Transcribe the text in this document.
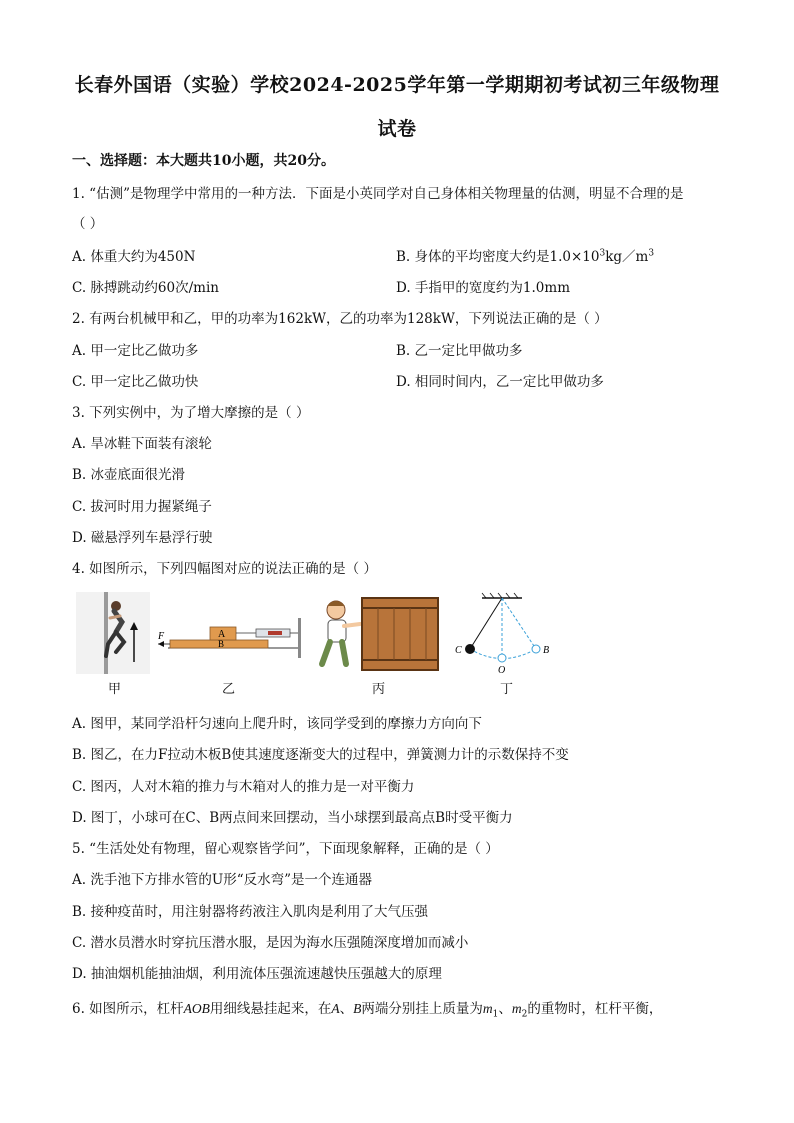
长春外国语（实验）学校2024-2025学年第一学期期初考试初三年级物理
试卷

一、选择题：本大题共10小题，共20分。

1. “估测”是物理学中常用的一种方法．下面是小英同学对自己身体相关物理量的估测，明显不合理的是

（ ）

A. 体重大约为450N	B. 身体的平均密度大约是$1.0\times 10^3kg/m^3$

C. 脉搏跳动约60次/min	D. 手指甲的宽度约为1.0mm

2. 有两台机械甲和乙，甲的功率为162kW，乙的功率为128kW，下列说法正确的是（ ）

A. 甲一定比乙做功多	B. 乙一定比甲做功多

C. 甲一定比乙做功快	D. 相同时间内，乙一定比甲做功多

3. 下列实例中，为了增大摩擦的是（ ）

A. 旱冰鞋下面装有滚轮

B. 冰壶底面很光滑

C. 拔河时用力握紧绳子

D. 磁悬浮列车悬浮行驶

4. 如图所示，下列四幅图对应的说法正确的是（ ）

甲
A
B
F
乙	丙
C
O
B
丁

A. 图甲，某同学沿杆匀速向上爬升时，该同学受到的摩擦力方向向下

B. 图乙，在力F拉动木板B使其速度逐渐变大的过程中，弹簧测力计的示数保持不变

C. 图丙，人对木箱的推力与木箱对人的推力是一对平衡力

D. 图丁，小球可在C、B两点间来回摆动，当小球摆到最高点B时受平衡力

5. “生活处处有物理，留心观察皆学问”，下面现象解释，正确的是（ ）

A. 洗手池下方排水管的U形“反水弯”是一个连通器

B. 接种疫苗时，用注射器将药液注入肌肉是利用了大气压强

C. 潜水员潜水时穿抗压潜水服，是因为海水压强随深度增加而减小

D. 抽油烟机能抽油烟，利用流体压强流速越快压强越大的原理

6. 如图所示，杠杆AOB用细线悬挂起来，在A、B两端分别挂上质量为$m_1$、$m_2$的重物时，杠杆平衡，
